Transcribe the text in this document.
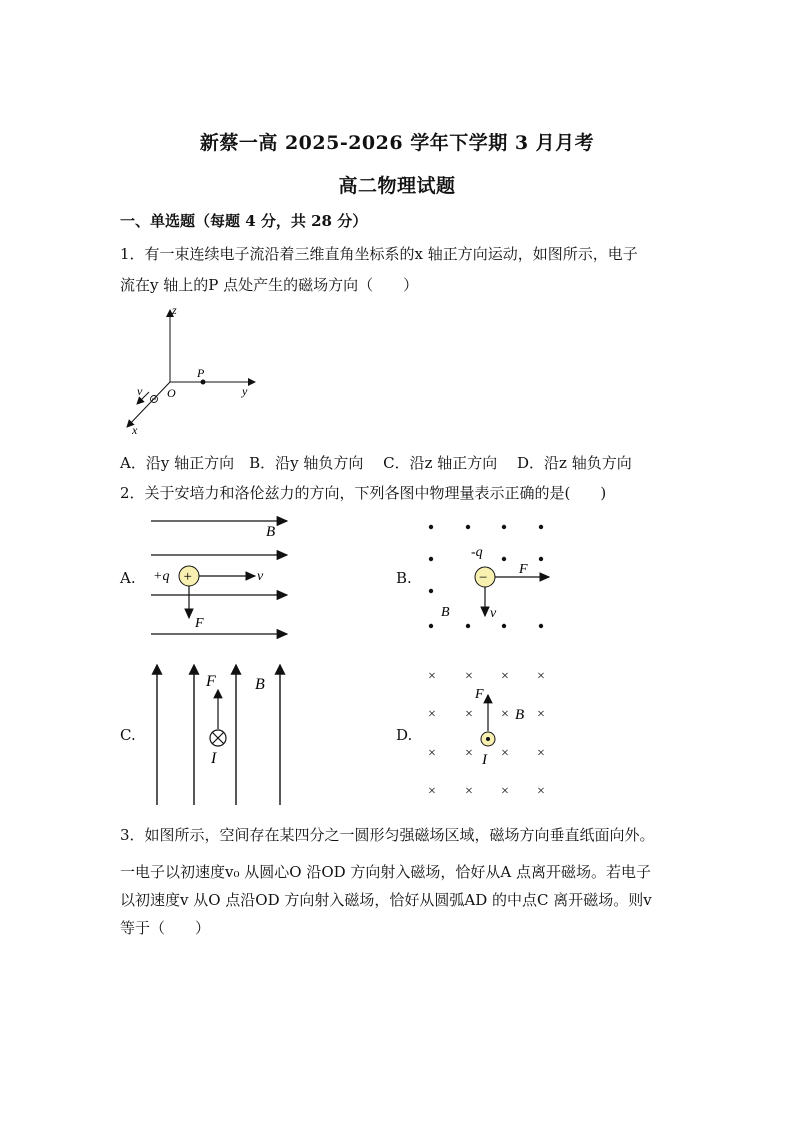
新蔡一高 2025-2026 学年下学期 3 月月考
高二物理试题
一、单选题（每题 4 分，共 28 分）
1．有一束连续电子流沿着三维直角坐标系的x 轴正方向运动，如图所示，电子
流在y 轴上的P 点处产生的磁场方向（　　）
z
y
x
v O
P
A．沿y 轴正方向　B．沿y 轴负方向　 C．沿z 轴正方向　 D．沿z 轴负方向
2．关于安培力和洛伦兹力的方向，下列各图中物理量表示正确的是(　　)
A.	B.
C.	D.
+
B
+q	v
F
−
-q
F
B	v
F B
I
× × × ×
× × × ×
× × × ×
× × × ×
F
B
I
3．如图所示，空间存在某四分之一圆形匀强磁场区域，磁场方向垂直纸面向外。
一电子以初速度v₀ 从圆心O 沿OD 方向射入磁场，恰好从A 点离开磁场。若电子
以初速度v 从O 点沿OD 方向射入磁场，恰好从圆弧AD 的中点C 离开磁场。则v
等于（　　）
